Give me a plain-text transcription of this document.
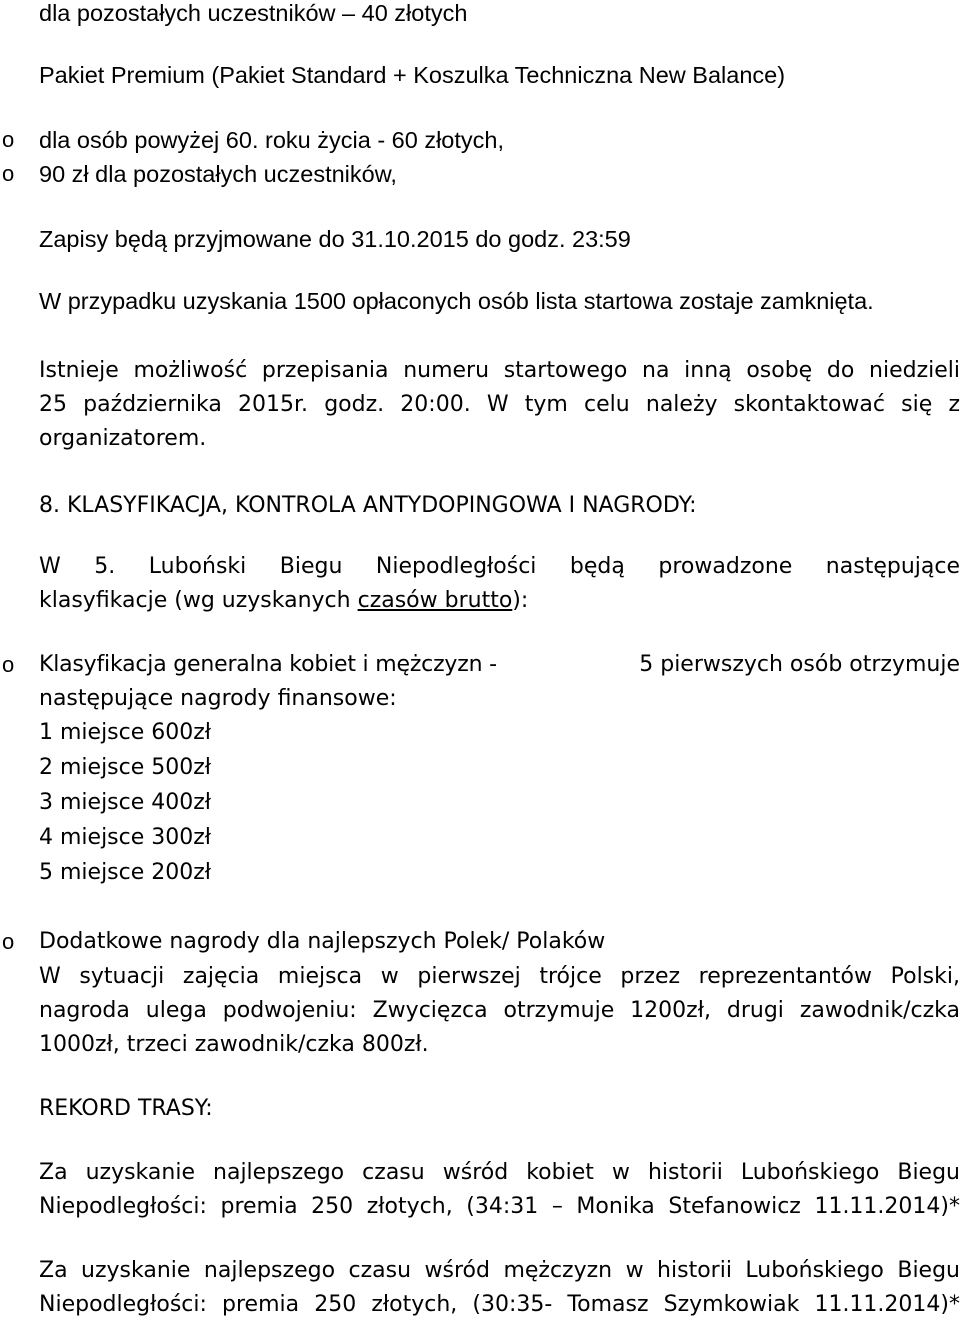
dla pozostałych uczestników – 40 złotych
Pakiet Premium (Pakiet Standard + Koszulka Techniczna New Balance)
o dla osób powyżej 60. roku życia - 60 złotych,
o 90 zł dla pozostałych uczestników,
Zapisy będą przyjmowane do 31.10.2015 do godz. 23:59
W przypadku uzyskania 1500 opłaconych osób lista startowa zostaje zamknięta.
Istnieje możliwość przepisania numeru startowego na inną osobę do niedzieli
25 października 2015r. godz. 20:00. W tym celu należy skontaktować się z
organizatorem.
8. KLASYFIKACJA, KONTROLA ANTYDOPINGOWA I NAGRODY:
W 5. Luboński Biegu Niepodległości będą prowadzone następujące
klasyfikacje (wg uzyskanych czasów brutto):
o Klasyfikacja generalna kobiet i mężczyzn -	5 pierwszych osób otrzymuje
następujące nagrody finansowe:
1 miejsce 600zł
2 miejsce 500zł
3 miejsce 400zł
4 miejsce 300zł
5 miejsce 200zł
o Dodatkowe nagrody dla najlepszych Polek/ Polaków
W sytuacji zajęcia miejsca w pierwszej trójce przez reprezentantów Polski,
nagroda ulega podwojeniu: Zwycięzca otrzymuje 1200zł, drugi zawodnik/czka
1000zł, trzeci zawodnik/czka 800zł.
REKORD TRASY:
Za uzyskanie najlepszego czasu wśród kobiet w historii Lubońskiego Biegu
Niepodległości: premia 250 złotych, (34:31 – Monika Stefanowicz 11.11.2014)*
Za uzyskanie najlepszego czasu wśród mężczyzn w historii Lubońskiego Biegu
Niepodległości: premia 250 złotych, (30:35- Tomasz Szymkowiak 11.11.2014)*
